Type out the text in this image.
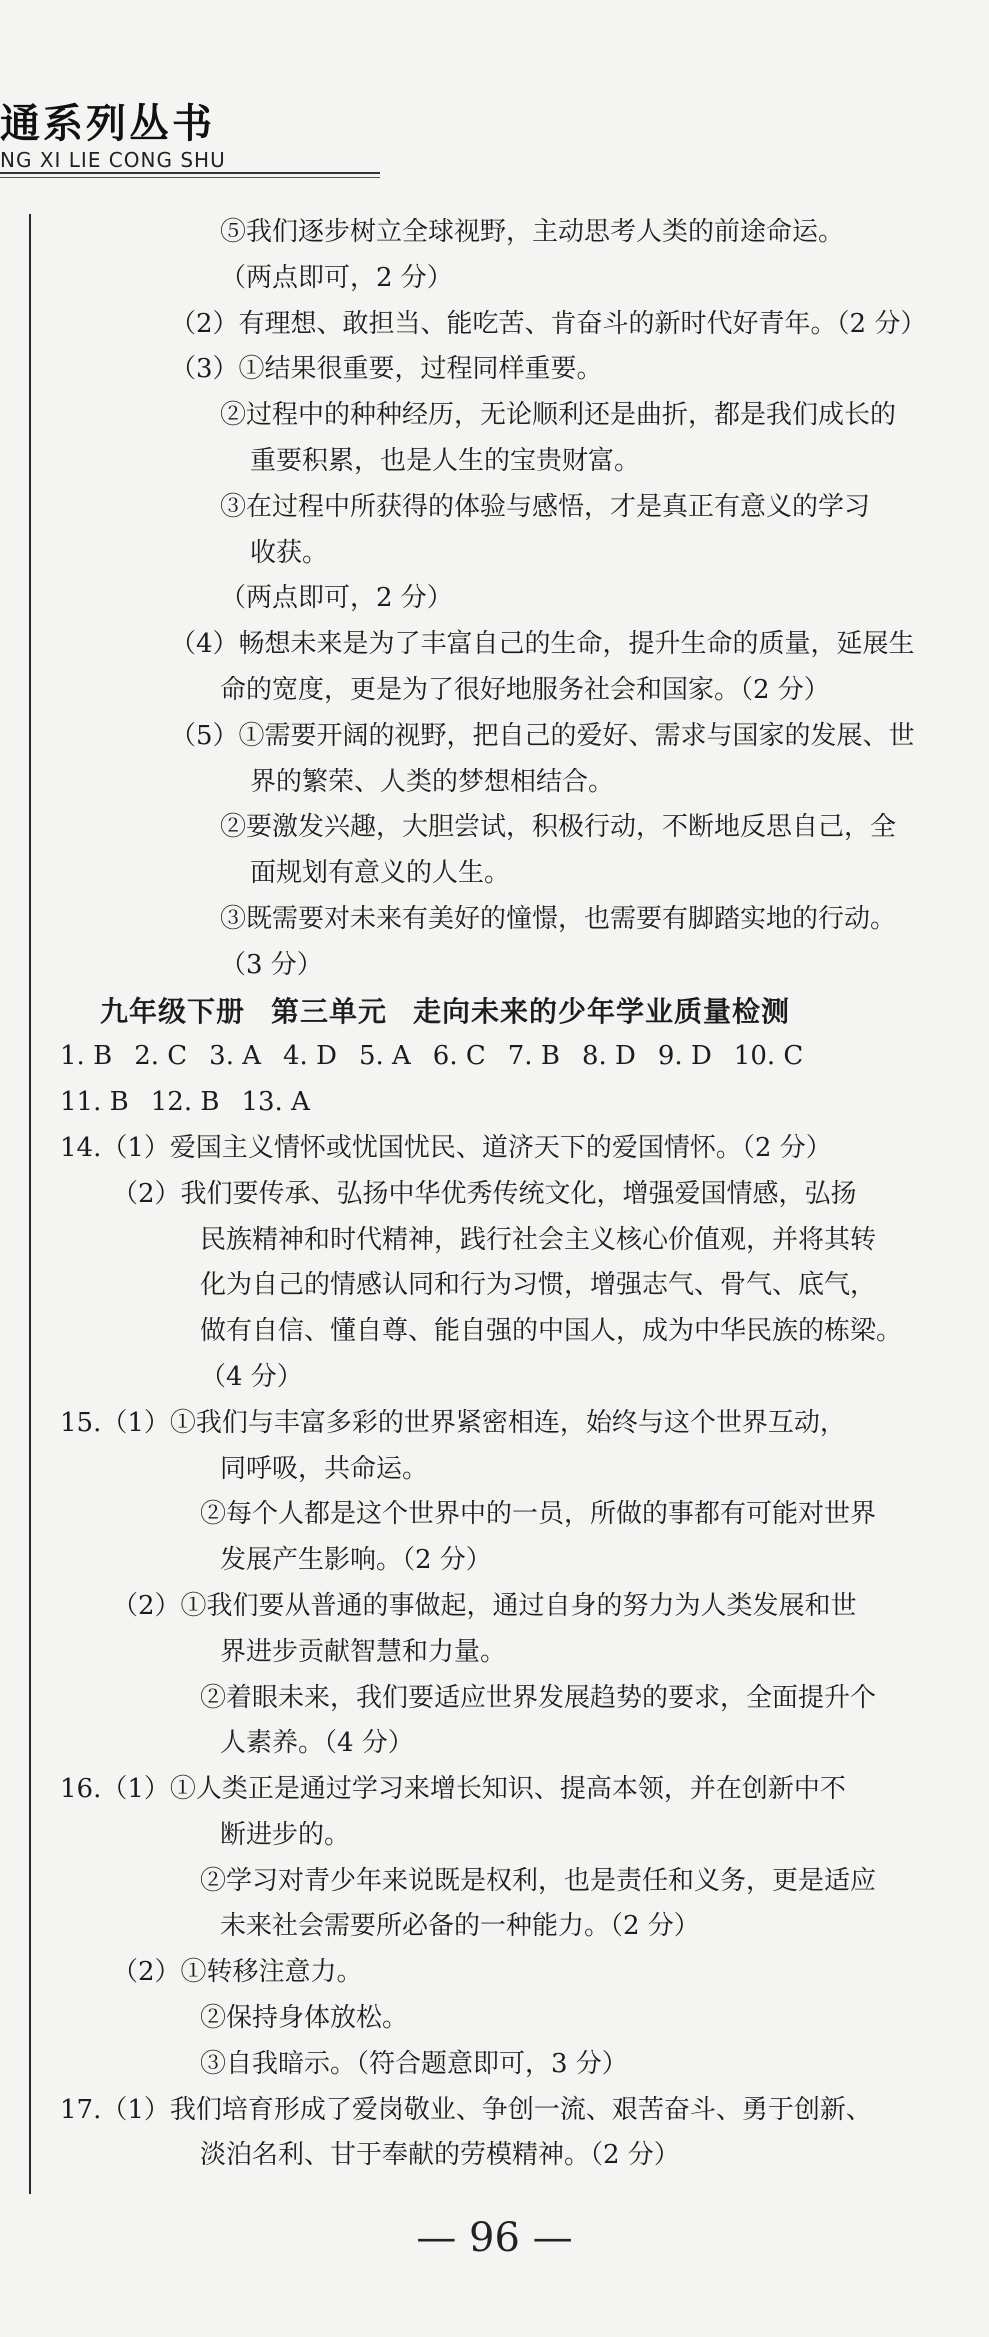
通系列丛书
NG XI LIE CONG SHU
⑤我们逐步树立全球视野，主动思考人类的前途命运。
（两点即可，2 分）
（2）有理想、敢担当、能吃苦、肯奋斗的新时代好青年。（2 分）
（3）①结果很重要，过程同样重要。
②过程中的种种经历，无论顺利还是曲折，都是我们成长的
重要积累，也是人生的宝贵财富。
③在过程中所获得的体验与感悟，才是真正有意义的学习
收获。
（两点即可，2 分）
（4）畅想未来是为了丰富自己的生命，提升生命的质量，延展生
命的宽度，更是为了很好地服务社会和国家。（2 分）
（5）①需要开阔的视野，把自己的爱好、需求与国家的发展、世
界的繁荣、人类的梦想相结合。
②要激发兴趣，大胆尝试，积极行动，不断地反思自己，全
面规划有意义的人生。
③既需要对未来有美好的憧憬，也需要有脚踏实地的行动。
（3 分）
九年级下册 第三单元 走向未来的少年学业质量检测
1. B 2. C 3. A 4. D 5. A 6. C 7. B 8. D 9. D 10. C
11. B 12. B 13. A
14.（1）爱国主义情怀或忧国忧民、道济天下的爱国情怀。（2 分）
（2）我们要传承、弘扬中华优秀传统文化，增强爱国情感，弘扬
民族精神和时代精神，践行社会主义核心价值观，并将其转
化为自己的情感认同和行为习惯，增强志气、骨气、底气，
做有自信、懂自尊、能自强的中国人，成为中华民族的栋梁。
（4 分）
15.（1）①我们与丰富多彩的世界紧密相连，始终与这个世界互动，
同呼吸，共命运。
②每个人都是这个世界中的一员，所做的事都有可能对世界
发展产生影响。（2 分）
（2）①我们要从普通的事做起，通过自身的努力为人类发展和世
界进步贡献智慧和力量。
②着眼未来，我们要适应世界发展趋势的要求，全面提升个
人素养。（4 分）
16.（1）①人类正是通过学习来增长知识、提高本领，并在创新中不
断进步的。
②学习对青少年来说既是权利，也是责任和义务，更是适应
未来社会需要所必备的一种能力。（2 分）
（2）①转移注意力。
②保持身体放松。
③自我暗示。（符合题意即可，3 分）
17.（1）我们培育形成了爱岗敬业、争创一流、艰苦奋斗、勇于创新、
淡泊名利、甘于奉献的劳模精神。（2 分）
— 96 —
